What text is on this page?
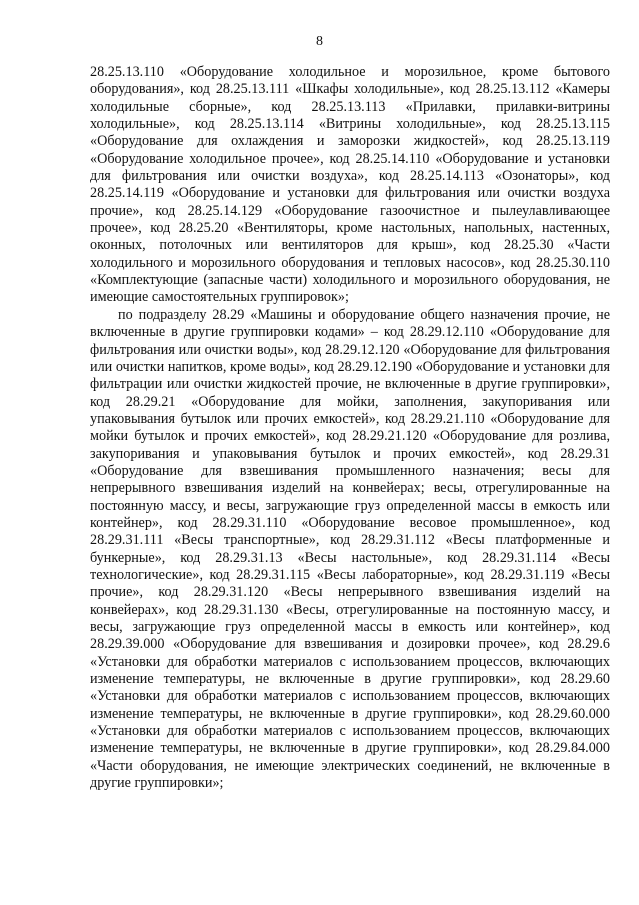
8

28.25.13.110 «Оборудование холодильное и морозильное, кроме бытового оборудования», код 28.25.13.111 «Шкафы холодильные», код 28.25.13.112 «Камеры холодильные сборные», код 28.25.13.113 «Прилавки, прилавки-витрины холодильные», код 28.25.13.114 «Витрины холодильные», код 28.25.13.115 «Оборудование для охлаждения и заморозки жидкостей», код 28.25.13.119 «Оборудование холодильное прочее», код 28.25.14.110 «Оборудование и установки для фильтрования или очистки воздуха», код 28.25.14.113 «Озонаторы», код 28.25.14.119 «Оборудование и установки для фильтрования или очистки воздуха прочие», код 28.25.14.129 «Оборудование газоочистное и пылеулавливающее прочее», код 28.25.20 «Вентиляторы, кроме настольных, напольных, настенных, оконных, потолочных или вентиляторов для крыш», код 28.25.30 «Части холодильного и морозильного оборудования и тепловых насосов», код 28.25.30.110 «Комплектующие (запасные части) холодильного и морозильного оборудования, не имеющие самостоятельных группировок»;

по подразделу 28.29 «Машины и оборудование общего назначения прочие, не включенные в другие группировки кодами» – код 28.29.12.110 «Оборудование для фильтрования или очистки воды», код 28.29.12.120 «Оборудование для фильтрования или очистки напитков, кроме воды», код 28.29.12.190 «Оборудование и установки для фильтрации или очистки жидкостей прочие, не включенные в другие группировки», код 28.29.21 «Оборудование для мойки, заполнения, закупоривания или упаковывания бутылок или прочих емкостей», код 28.29.21.110 «Оборудование для мойки бутылок и прочих емкостей», код 28.29.21.120 «Оборудование для розлива, закупоривания и упаковывания бутылок и прочих емкостей», код 28.29.31 «Оборудование для взвешивания промышленного назначения; весы для непрерывного взвешивания изделий на конвейерах; весы, отрегулированные на постоянную массу, и весы, загружающие груз определенной массы в емкость или контейнер», код 28.29.31.110 «Оборудование весовое промышленное», код 28.29.31.111 «Весы транспортные», код 28.29.31.112 «Весы платформенные и бункерные», код 28.29.31.13 «Весы настольные», код 28.29.31.114 «Весы технологические», код 28.29.31.115 «Весы лабораторные», код 28.29.31.119 «Весы прочие», код 28.29.31.120 «Весы непрерывного взвешивания изделий на конвейерах», код 28.29.31.130 «Весы, отрегулированные на постоянную массу, и весы, загружающие груз определенной массы в емкость или контейнер», код 28.29.39.000 «Оборудование для взвешивания и дозировки прочее», код 28.29.6 «Установки для обработки материалов с использованием процессов, включающих изменение температуры, не включенные в другие группировки», код 28.29.60 «Установки для обработки материалов с использованием процессов, включающих изменение температуры, не включенные в другие группировки», код 28.29.60.000 «Установки для обработки материалов с использованием процессов, включающих изменение температуры, не включенные в другие группировки», код 28.29.84.000 «Части оборудования, не имеющие электрических соединений, не включенные в другие группировки»;
